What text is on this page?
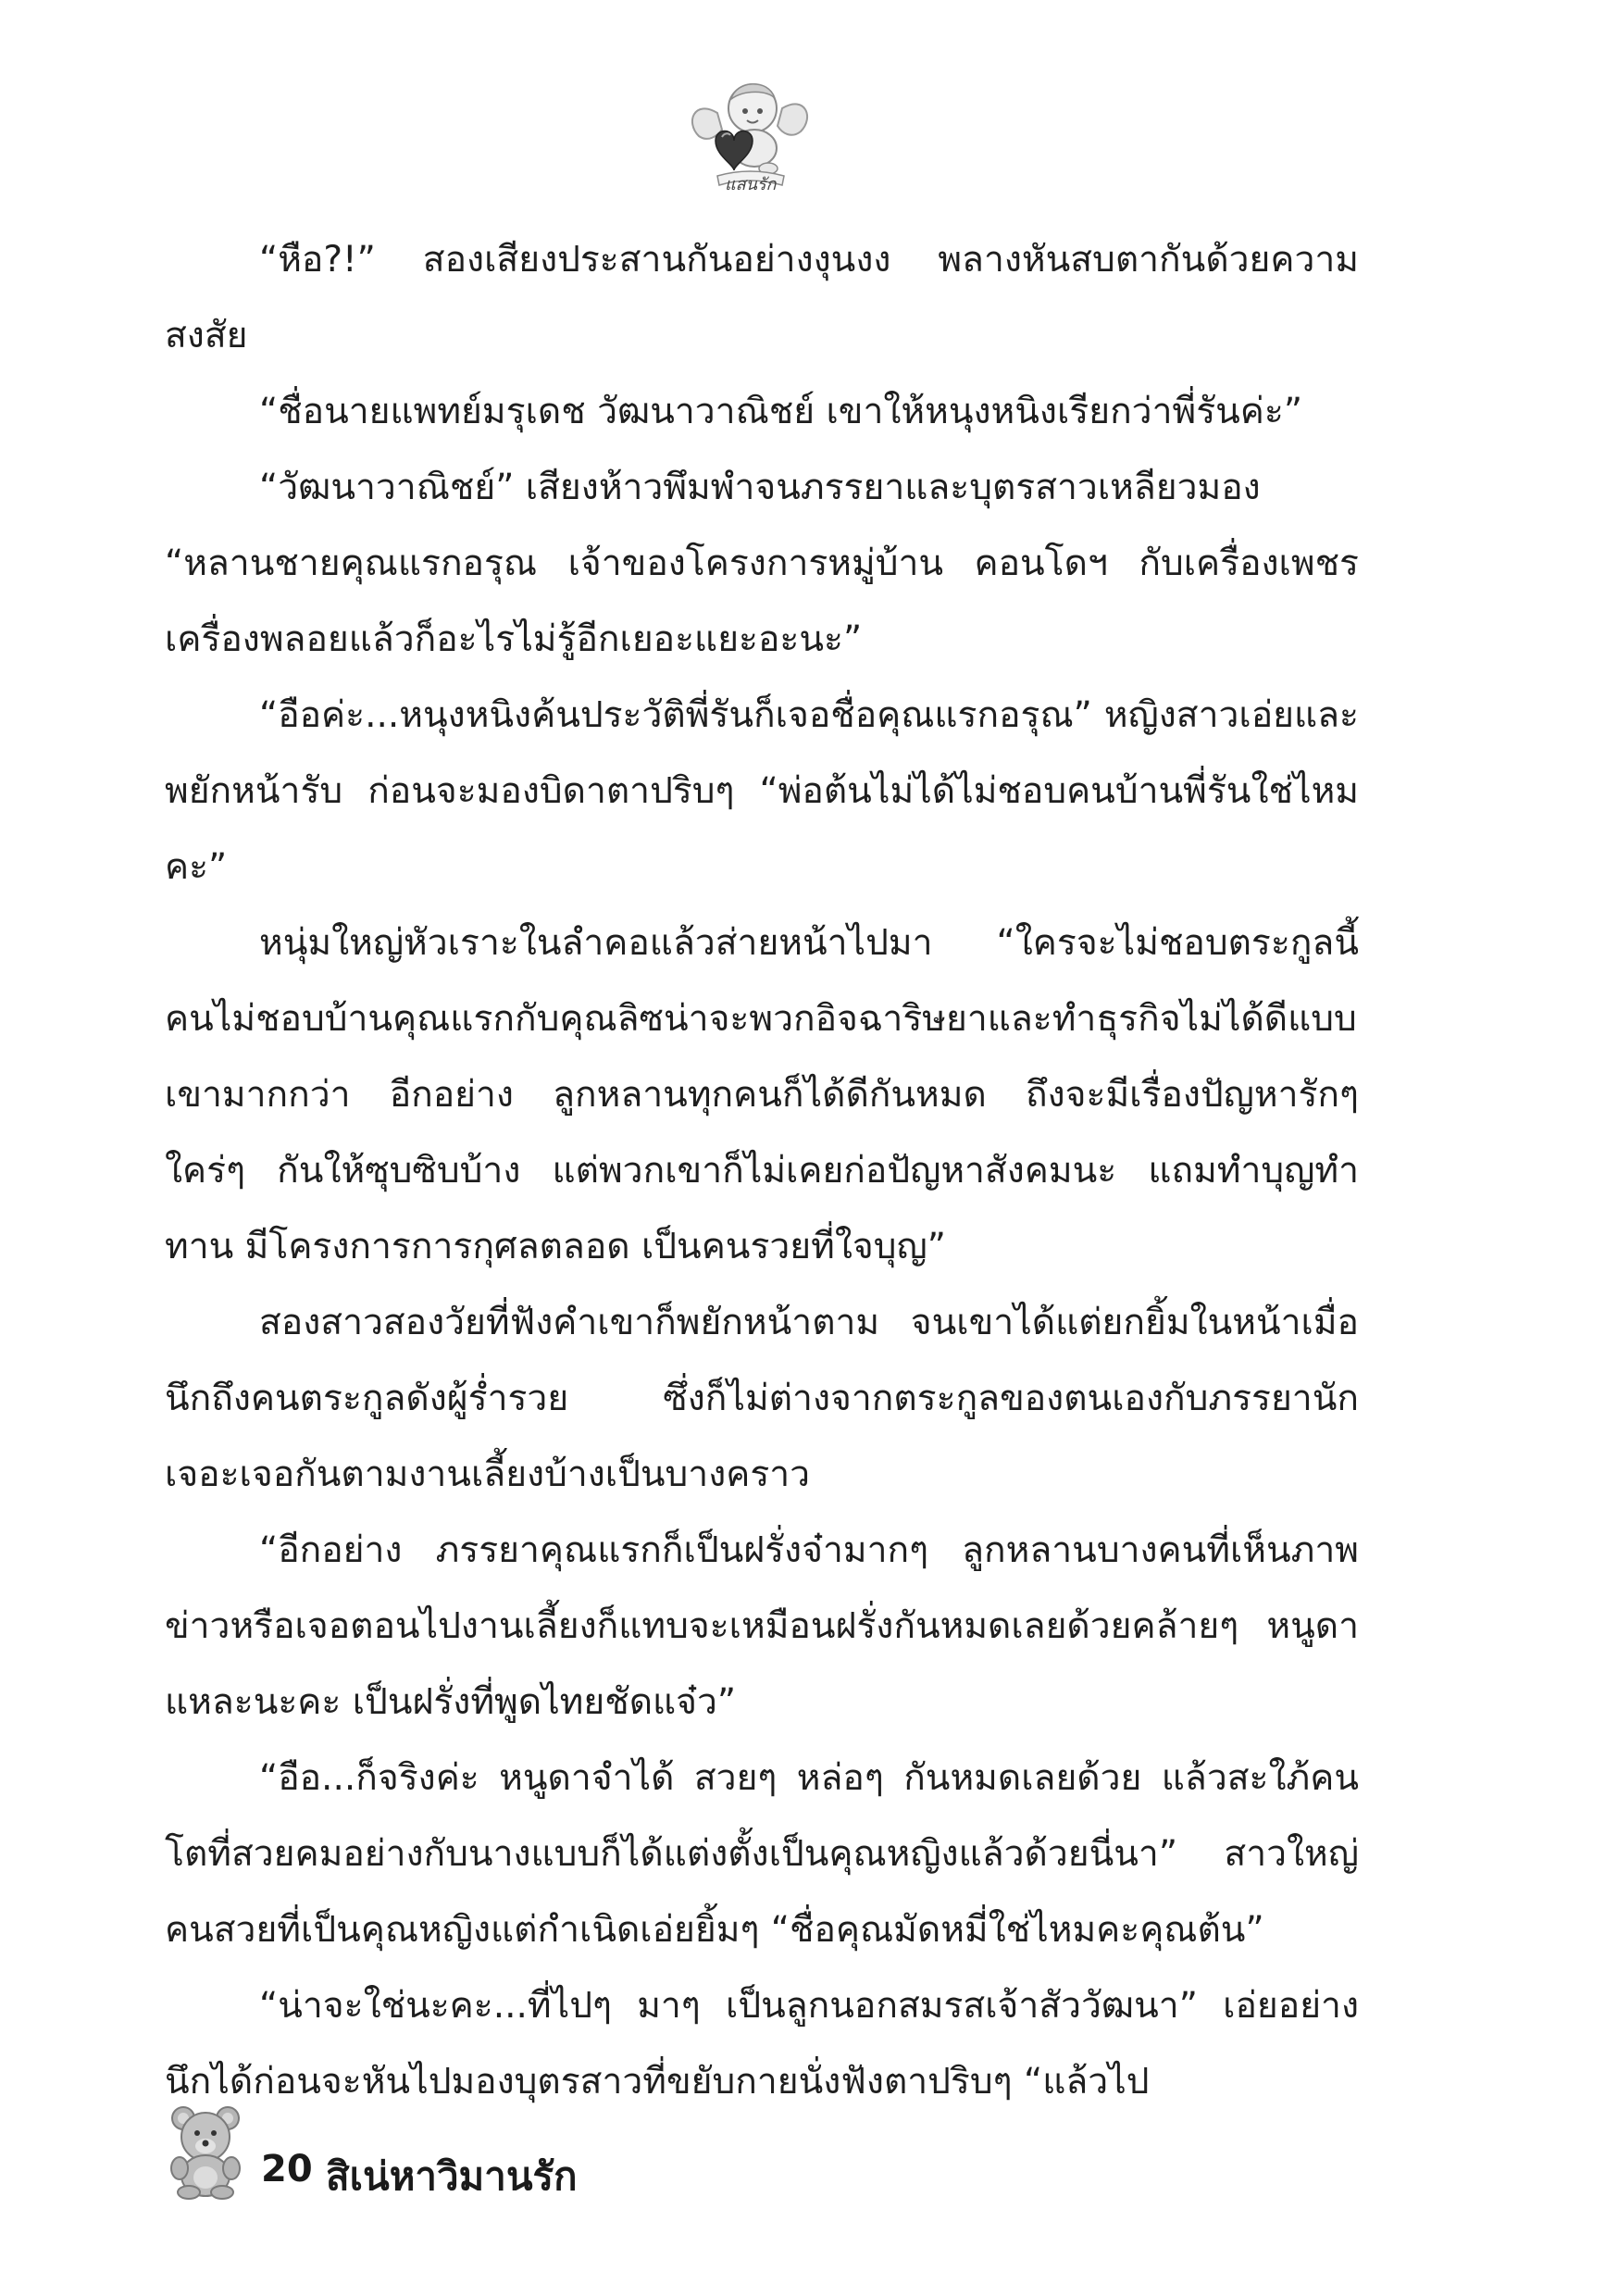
แสนรัก

“หือ?!” สองเสียงประสานกันอย่างงุนงง พลางหันสบตากันด้วยความสงสัย

“ชื่อนายแพทย์มรุเดช วัฒนาวาณิชย์ เขาให้หนุงหนิงเรียกว่าพี่รันค่ะ”

“วัฒนาวาณิชย์” เสียงห้าวพึมพำจนภรรยาและบุตรสาวเหลียวมอง

“หลานชายคุณแรกอรุณ เจ้าของโครงการหมู่บ้าน คอนโดฯ กับเครื่องเพชรเครื่องพลอยแล้วก็อะไรไม่รู้อีกเยอะแยะอะนะ”

“อือค่ะ...หนุงหนิงค้นประวัติพี่รันก็เจอชื่อคุณแรกอรุณ” หญิงสาวเอ่ยและพยักหน้ารับ ก่อนจะมองบิดาตาปริบๆ “พ่อต้นไม่ได้ไม่ชอบคนบ้านพี่รันใช่ไหมคะ”

หนุ่มใหญ่หัวเราะในลำคอแล้วส่ายหน้าไปมา “ใครจะไม่ชอบตระกูลนี้ คนไม่ชอบบ้านคุณแรกกับคุณลิซน่าจะพวกอิจฉาริษยาและทำธุรกิจไม่ได้ดีแบบเขามากกว่า อีกอย่าง ลูกหลานทุกคนก็ได้ดีกันหมด ถึงจะมีเรื่องปัญหารักๆ ใคร่ๆ กันให้ซุบซิบบ้าง แต่พวกเขาก็ไม่เคยก่อปัญหาสังคมนะ แถมทำบุญทำทาน มีโครงการการกุศลตลอด เป็นคนรวยที่ใจบุญ”

สองสาวสองวัยที่ฟังคำเขาก็พยักหน้าตาม จนเขาได้แต่ยกยิ้มในหน้าเมื่อนึกถึงคนตระกูลดังผู้ร่ำรวย ซึ่งก็ไม่ต่างจากตระกูลของตนเองกับภรรยานัก เจอะเจอกันตามงานเลี้ยงบ้างเป็นบางคราว

“อีกอย่าง ภรรยาคุณแรกก็เป็นฝรั่งจ๋ามากๆ ลูกหลานบางคนที่เห็นภาพข่าวหรือเจอตอนไปงานเลี้ยงก็แทบจะเหมือนฝรั่งกันหมดเลยด้วยคล้ายๆ หนูดาแหละนะคะ เป็นฝรั่งที่พูดไทยชัดแจ๋ว”

“อือ...ก็จริงค่ะ หนูดาจำได้ สวยๆ หล่อๆ กันหมดเลยด้วย แล้วสะใภ้คนโตที่สวยคมอย่างกับนางแบบก็ได้แต่งตั้งเป็นคุณหญิงแล้วด้วยนี่นา” สาวใหญ่คนสวยที่เป็นคุณหญิงแต่กำเนิดเอ่ยยิ้มๆ “ชื่อคุณมัดหมี่ใช่ไหมคะคุณต้น”

“น่าจะใช่นะคะ...ที่ไปๆ มาๆ เป็นลูกนอกสมรสเจ้าสัววัฒนา” เอ่ยอย่างนึกได้ก่อนจะหันไปมองบุตรสาวที่ขยับกายนั่งฟังตาปริบๆ “แล้วไป

20 สิเน่หาวิมานรัก
